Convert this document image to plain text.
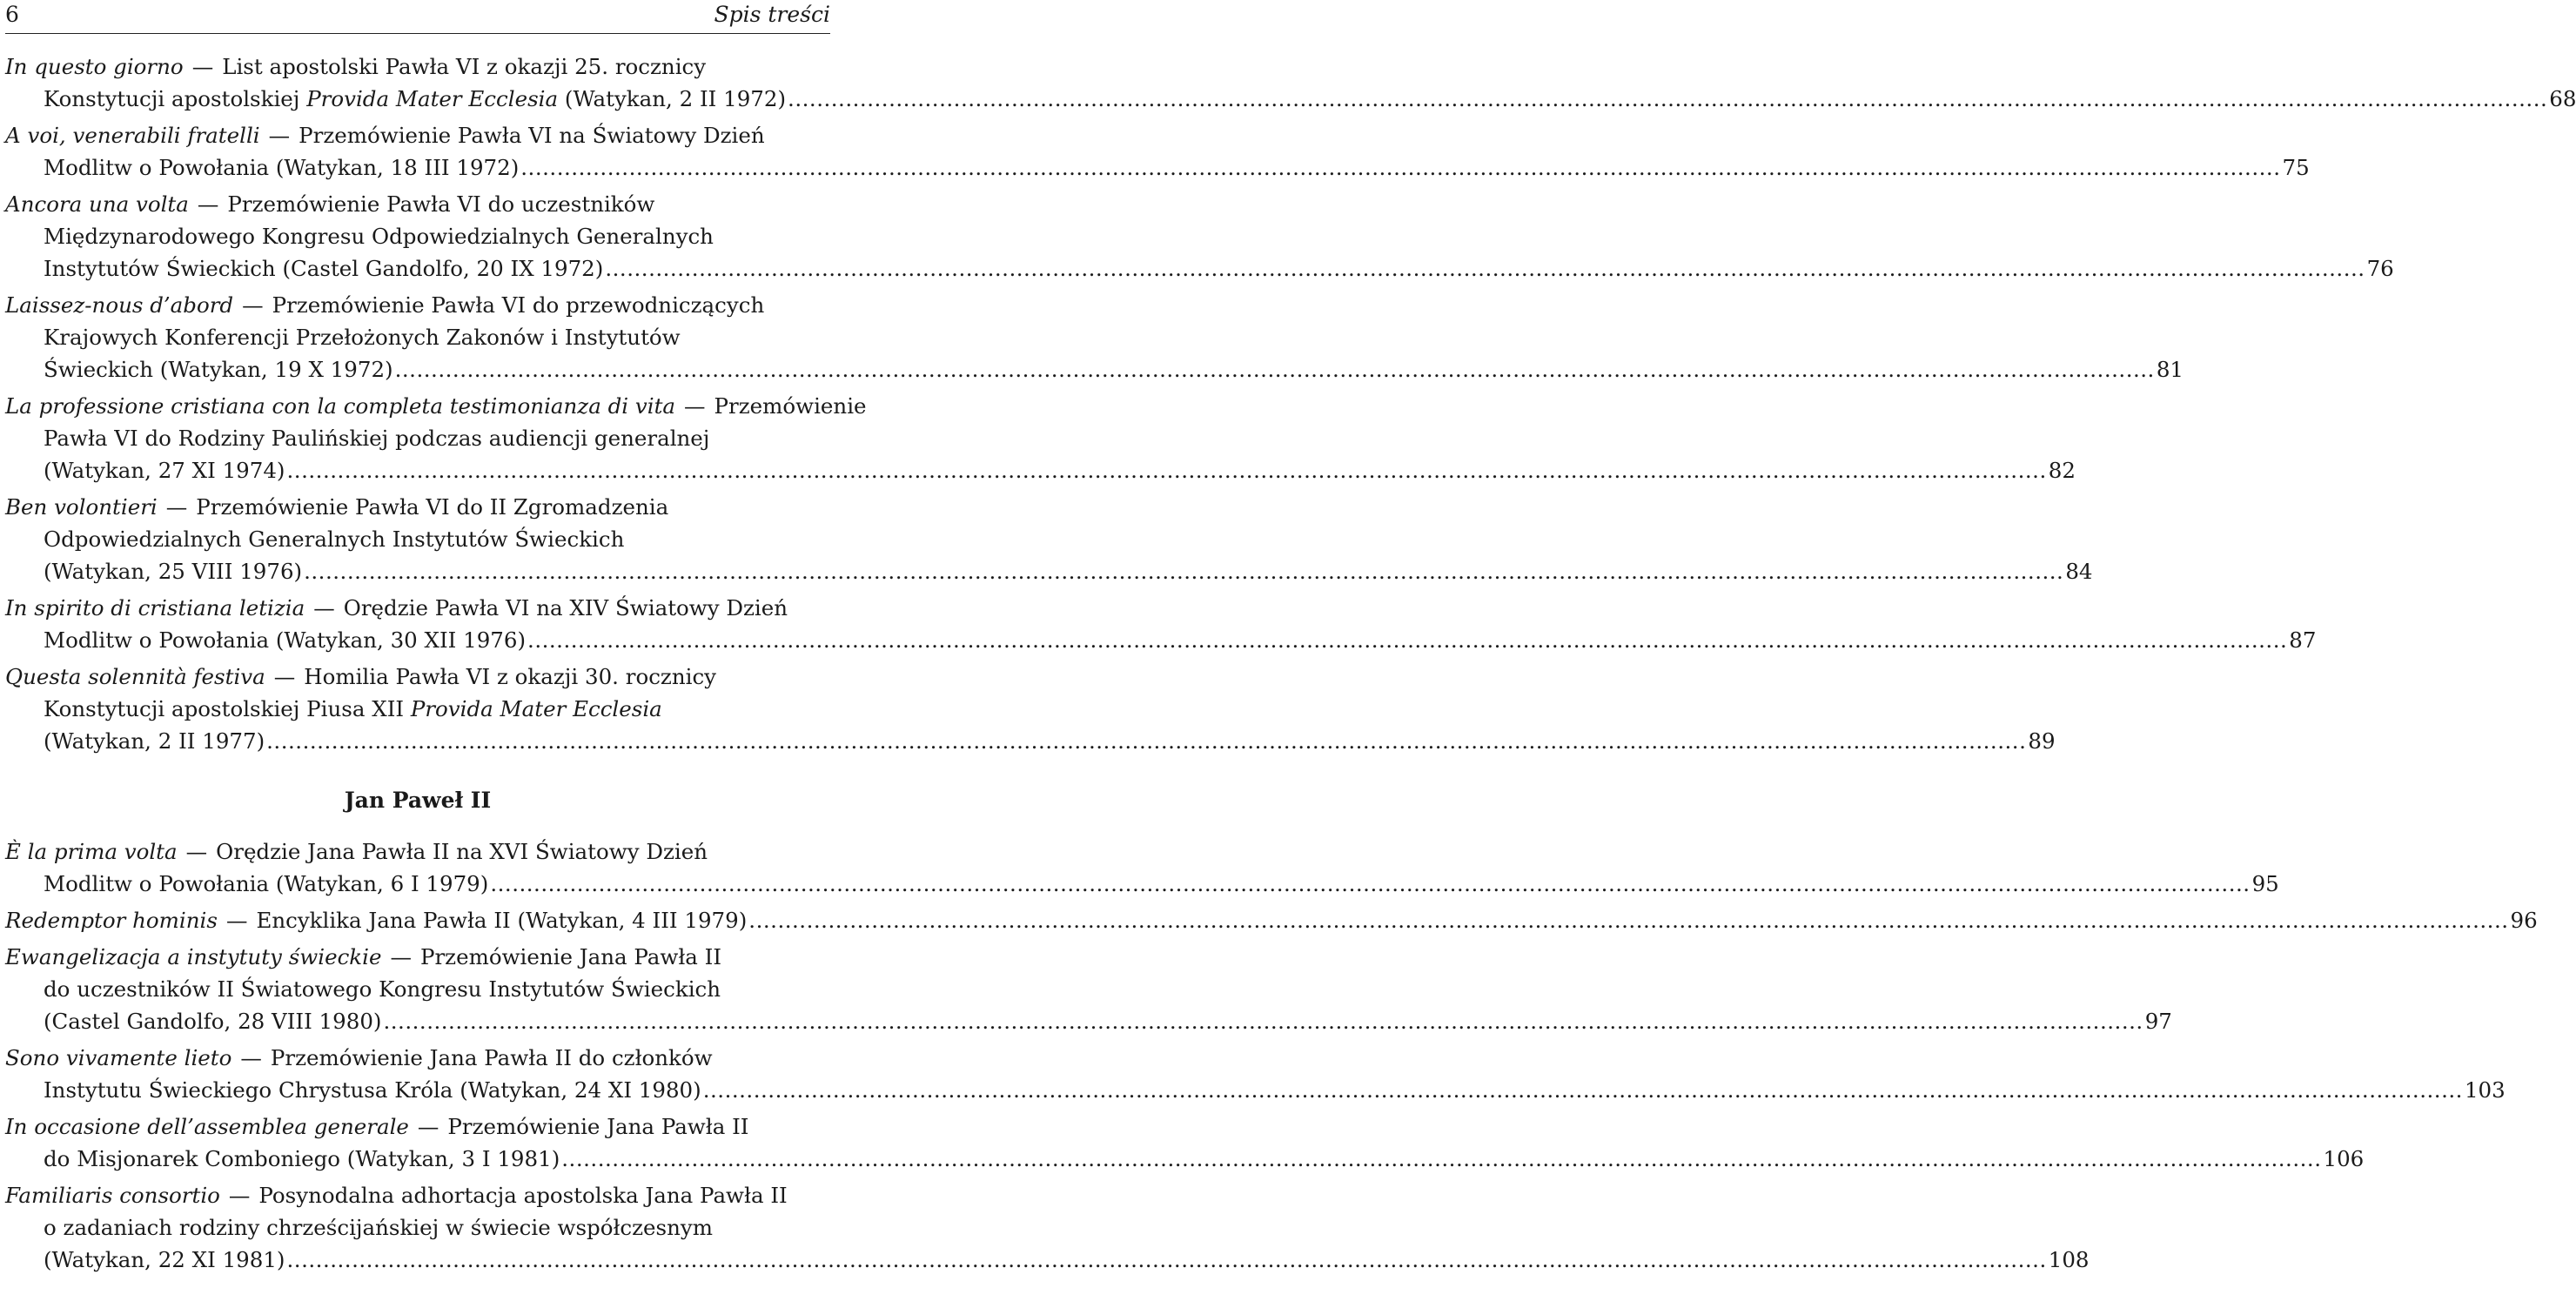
6	Spis treści
In questo giorno — List apostolski Pawła VI z okazji 25. rocznicy
Konstytucji apostolskiej Provida Mater Ecclesia (Watykan, 2 II 1972) .....	68
A voi, venerabili fratelli — Przemówienie Pawła VI na Światowy Dzień
Modlitw o Powołania (Watykan, 18 III 1972) .....	75
Ancora una volta — Przemówienie Pawła VI do uczestników
Międzynarodowego Kongresu Odpowiedzialnych Generalnych
Instytutów Świeckich (Castel Gandolfo, 20 IX 1972) .....	76
Laissez-nous d’abord — Przemówienie Pawła VI do przewodniczących
Krajowych Konferencji Przełożonych Zakonów i Instytutów
Świeckich (Watykan, 19 X 1972) .....	81
La professione cristiana con la completa testimonianza di vita — Przemówienie
Pawła VI do Rodziny Paulińskiej podczas audiencji generalnej
(Watykan, 27 XI 1974) .....	82
Ben volontieri — Przemówienie Pawła VI do II Zgromadzenia
Odpowiedzialnych Generalnych Instytutów Świeckich
(Watykan, 25 VIII 1976) .....	84
In spirito di cristiana letizia — Orędzie Pawła VI na XIV Światowy Dzień
Modlitw o Powołania (Watykan, 30 XII 1976) .....	87
Questa solennità festiva — Homilia Pawła VI z okazji 30. rocznicy
Konstytucji apostolskiej Piusa XII Provida Mater Ecclesia
(Watykan, 2 II 1977) .....	89
Jan Paweł II
È la prima volta — Orędzie Jana Pawła II na XVI Światowy Dzień
Modlitw o Powołania (Watykan, 6 I 1979) .....	95
Redemptor hominis — Encyklika Jana Pawła II (Watykan, 4 III 1979) .....	96
Ewangelizacja a instytuty świeckie — Przemówienie Jana Pawła II
do uczestników II Światowego Kongresu Instytutów Świeckich
(Castel Gandolfo, 28 VIII 1980) .....	97
Sono vivamente lieto — Przemówienie Jana Pawła II do członków
Instytutu Świeckiego Chrystusa Króla (Watykan, 24 XI 1980) .....	103
In occasione dell’assemblea generale — Przemówienie Jana Pawła II
do Misjonarek Comboniego (Watykan, 3 I 1981) .....	106
Familiaris consortio — Posynodalna adhortacja apostolska Jana Pawła II
o zadaniach rodziny chrześcijańskiej w świecie współczesnym
(Watykan, 22 XI 1981) .....	108
